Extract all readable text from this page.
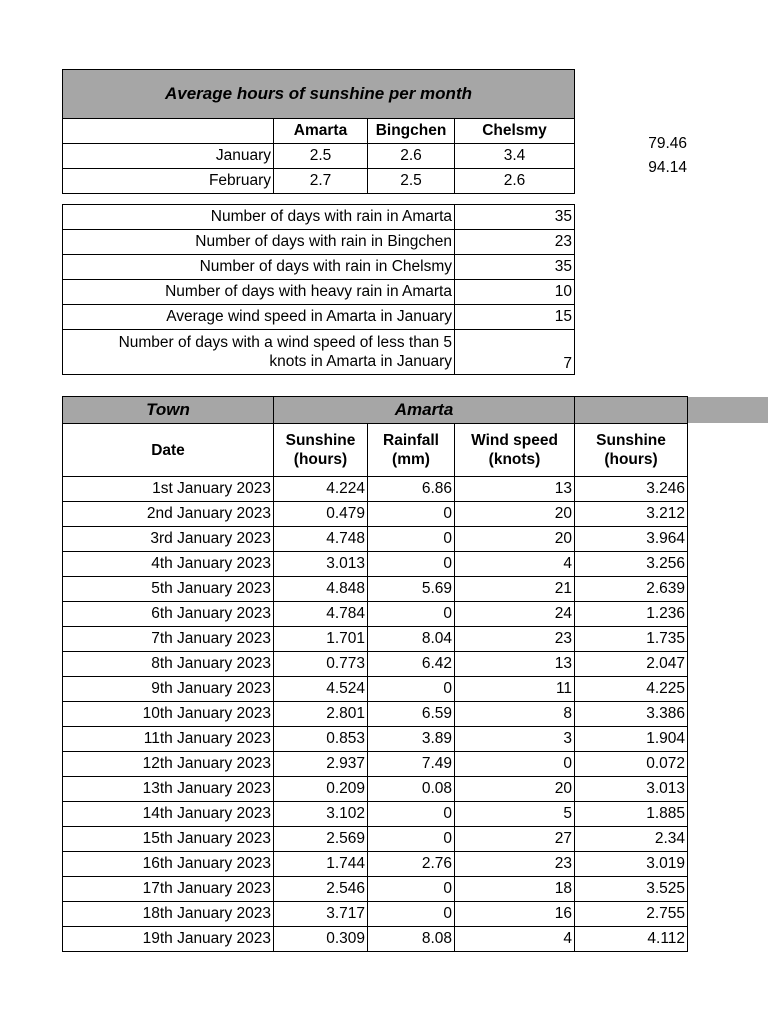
Average hours of sunshine per month			
	Amarta	Bingchen	Chelsmy
January	2.5	2.6	3.4
February	2.7	2.5	2.6
79.46
94.14
Number of days with rain in Amarta	35
Number of days with rain in Bingchen	23
Number of days with rain in Chelsmy	35
Number of days with heavy rain in Amarta	10
Average wind speed in Amarta in January	15
Number of days with a wind speed of less than 5 knots in Amarta in January	7
Town	Amarta			
Date	Sunshine (hours)	Rainfall (mm)	Wind speed (knots)	Sunshine (hours)
1st January 2023	4.224	6.86	13	3.246
2nd January 2023	0.479	0	20	3.212
3rd January 2023	4.748	0	20	3.964
4th January 2023	3.013	0	4	3.256
5th January 2023	4.848	5.69	21	2.639
6th January 2023	4.784	0	24	1.236
7th January 2023	1.701	8.04	23	1.735
8th January 2023	0.773	6.42	13	2.047
9th January 2023	4.524	0	11	4.225
10th January 2023	2.801	6.59	8	3.386
11th January 2023	0.853	3.89	3	1.904
12th January 2023	2.937	7.49	0	0.072
13th January 2023	0.209	0.08	20	3.013
14th January 2023	3.102	0	5	1.885
15th January 2023	2.569	0	27	2.34
16th January 2023	1.744	2.76	23	3.019
17th January 2023	2.546	0	18	3.525
18th January 2023	3.717	0	16	2.755
19th January 2023	0.309	8.08	4	4.112
